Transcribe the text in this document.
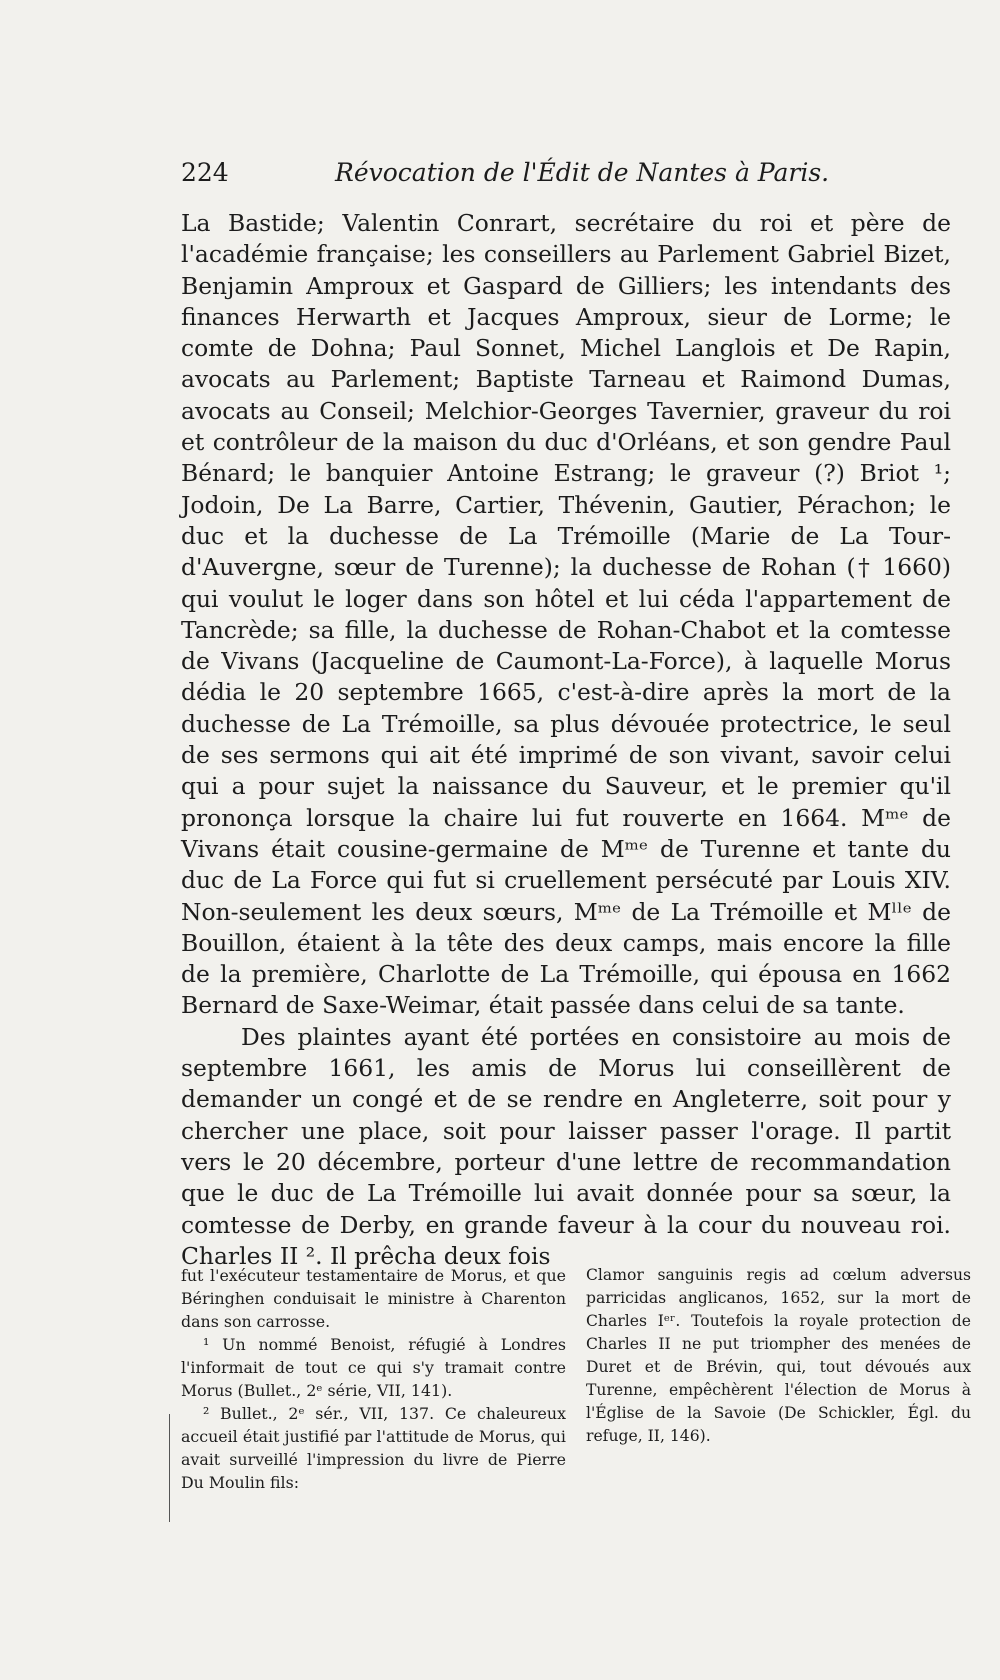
224	Révocation de l'Édit de Nantes à Paris.

La Bastide; Valentin Conrart, secrétaire du roi et père de l'académie française; les conseillers au Parlement Gabriel Bizet, Benjamin Amproux et Gaspard de Gilliers; les intendants des finances Herwarth et Jacques Amproux, sieur de Lorme; le comte de Dohna; Paul Sonnet, Michel Langlois et De Rapin, avocats au Parlement; Baptiste Tarneau et Raimond Dumas, avocats au Conseil; Melchior-Georges Tavernier, graveur du roi et contrôleur de la maison du duc d'Orléans, et son gendre Paul Bénard; le banquier Antoine Estrang; le graveur (?) Briot ¹; Jodoin, De La Barre, Cartier, Thévenin, Gautier, Pérachon; le duc et la duchesse de La Trémoille (Marie de La Tour-d'Auvergne, sœur de Turenne); la duchesse de Rohan († 1660) qui voulut le loger dans son hôtel et lui céda l'appartement de Tancrède; sa fille, la duchesse de Rohan-Chabot et la comtesse de Vivans (Jacqueline de Caumont-La-Force), à laquelle Morus dédia le 20 septembre 1665, c'est-à-dire après la mort de la duchesse de La Trémoille, sa plus dévouée protectrice, le seul de ses sermons qui ait été imprimé de son vivant, savoir celui qui a pour sujet la naissance du Sauveur, et le premier qu'il prononça lorsque la chaire lui fut rouverte en 1664. Mᵐᵉ de Vivans était cousine-germaine de Mᵐᵉ de Turenne et tante du duc de La Force qui fut si cruellement persécuté par Louis XIV. Non-seulement les deux sœurs, Mᵐᵉ de La Trémoille et Mˡˡᵉ de Bouillon, étaient à la tête des deux camps, mais encore la fille de la première, Charlotte de La Trémoille, qui épousa en 1662 Bernard de Saxe-Weimar, était passée dans celui de sa tante.

Des plaintes ayant été portées en consistoire au mois de septembre 1661, les amis de Morus lui conseillèrent de demander un congé et de se rendre en Angleterre, soit pour y chercher une place, soit pour laisser passer l'orage. Il partit vers le 20 décembre, porteur d'une lettre de recommandation que le duc de La Trémoille lui avait donnée pour sa sœur, la comtesse de Derby, en grande faveur à la cour du nouveau roi. Charles II ². Il prêcha deux fois

fut l'exécuteur testamentaire de Morus, et que Béringhen conduisait le ministre à Charenton dans son carrosse.

¹ Un nommé Benoist, réfugié à Londres l'informait de tout ce qui s'y tramait contre Morus (Bullet., 2ᵉ série, VII, 141).

² Bullet., 2ᵉ sér., VII, 137. Ce chaleureux accueil était justifié par l'attitude de Morus, qui avait surveillé l'impression du livre de Pierre Du Moulin fils:

Clamor sanguinis regis ad cœlum adversus parricidas anglicanos, 1652, sur la mort de Charles Iᵉʳ. Toutefois la royale protection de Charles II ne put triompher des menées de Duret et de Brévin, qui, tout dévoués aux Turenne, empêchèrent l'élection de Morus à l'Église de la Savoie (De Schickler, Égl. du refuge, II, 146).
